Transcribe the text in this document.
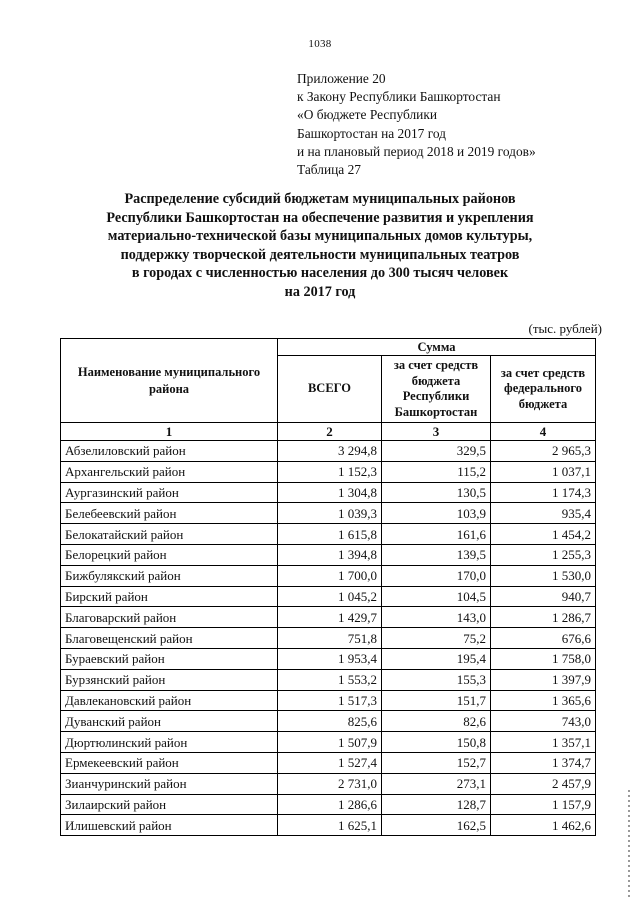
1038
Приложение 20
к Закону Республики Башкортостан
«О бюджете Республики
Башкортостан на 2017 год
и на плановый период 2018 и 2019 годов»
Таблица 27
Распределение субсидий бюджетам муниципальных районов
Республики Башкортостан на обеспечение развития и укрепления
материально-технической базы муниципальных домов культуры,
поддержку творческой деятельности муниципальных театров
в городах с численностью населения до 300 тысяч человек
на 2017 год
(тыс. рублей)
Наименование муниципального района	Сумма		
	ВСЕГО	за счет средств бюджета Республики Башкортостан	за счет средств федерального бюджета
1	2	3	4
Абзелиловский район	3 294,8	329,5	2 965,3
Архангельский район	1 152,3	115,2	1 037,1
Аургазинский район	1 304,8	130,5	1 174,3
Белебеевский район	1 039,3	103,9	935,4
Белокатайский район	1 615,8	161,6	1 454,2
Белорецкий район	1 394,8	139,5	1 255,3
Бижбулякский район	1 700,0	170,0	1 530,0
Бирский район	1 045,2	104,5	940,7
Благоварский район	1 429,7	143,0	1 286,7
Благовещенский район	751,8	75,2	676,6
Бураевский район	1 953,4	195,4	1 758,0
Бурзянский район	1 553,2	155,3	1 397,9
Давлекановский район	1 517,3	151,7	1 365,6
Дуванский район	825,6	82,6	743,0
Дюртюлинский район	1 507,9	150,8	1 357,1
Ермекеевский район	1 527,4	152,7	1 374,7
Зианчуринский район	2 731,0	273,1	2 457,9
Зилаирский район	1 286,6	128,7	1 157,9
Илишевский район	1 625,1	162,5	1 462,6
